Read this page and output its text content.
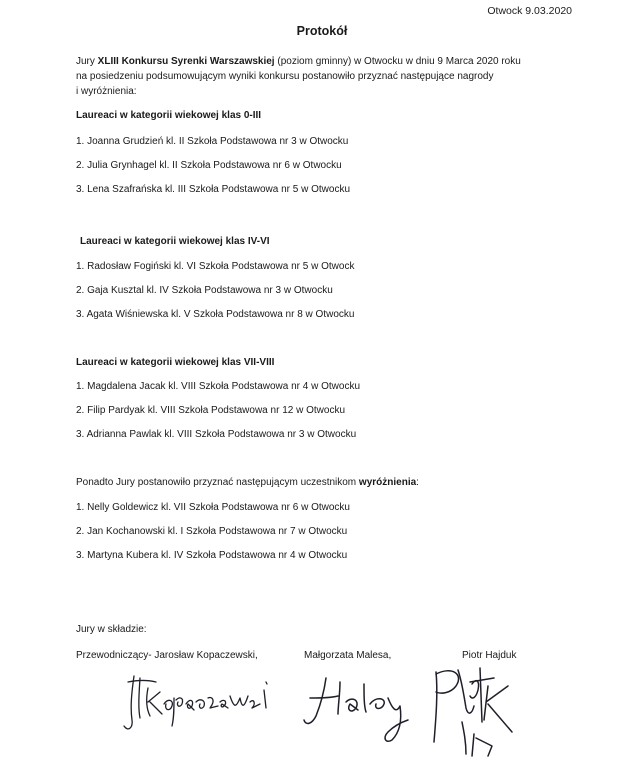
Otwock 9.03.2020
Protokół
Jury XLIII Konkursu Syrenki Warszawskiej (poziom gminny) w Otwocku w dniu 9 Marca 2020 roku
na posiedzeniu podsumowującym wyniki konkursu postanowiło przyznać następujące nagrody
i wyróżnienia:
Laureaci w kategorii wiekowej klas 0-III
1. Joanna Grudzień kl. II Szkoła Podstawowa nr 3 w Otwocku
2. Julia Grynhagel kl. II Szkoła Podstawowa nr 6 w Otwocku
3. Lena Szafrańska kl. III Szkoła Podstawowa nr 5 w Otwocku
Laureaci w kategorii wiekowej klas IV-VI
1. Radosław Fogiński kl. VI Szkoła Podstawowa nr 5 w Otwock
2. Gaja Kusztal kl. IV Szkoła Podstawowa nr 3 w Otwocku
3. Agata Wiśniewska kl. V Szkoła Podstawowa nr 8 w Otwocku
Laureaci w kategorii wiekowej klas VII-VIII
1. Magdalena Jacak kl. VIII Szkoła Podstawowa nr 4 w Otwocku
2. Filip Pardyak kl. VIII Szkoła Podstawowa nr 12 w Otwocku
3. Adrianna Pawlak kl. VIII Szkoła Podstawowa nr 3 w Otwocku
Ponadto Jury postanowiło przyznać następującym uczestnikom wyróżnienia:
1. Nelly Goldewicz kl. VII Szkoła Podstawowa nr 6 w Otwocku
2. Jan Kochanowski kl. I Szkoła Podstawowa nr 7 w Otwocku
3. Martyna Kubera kl. IV Szkoła Podstawowa nr 4 w Otwocku
Jury w składzie:
Przewodniczący- Jarosław Kopaczewski,	Małgorzata Malesa,	Piotr Hajduk
